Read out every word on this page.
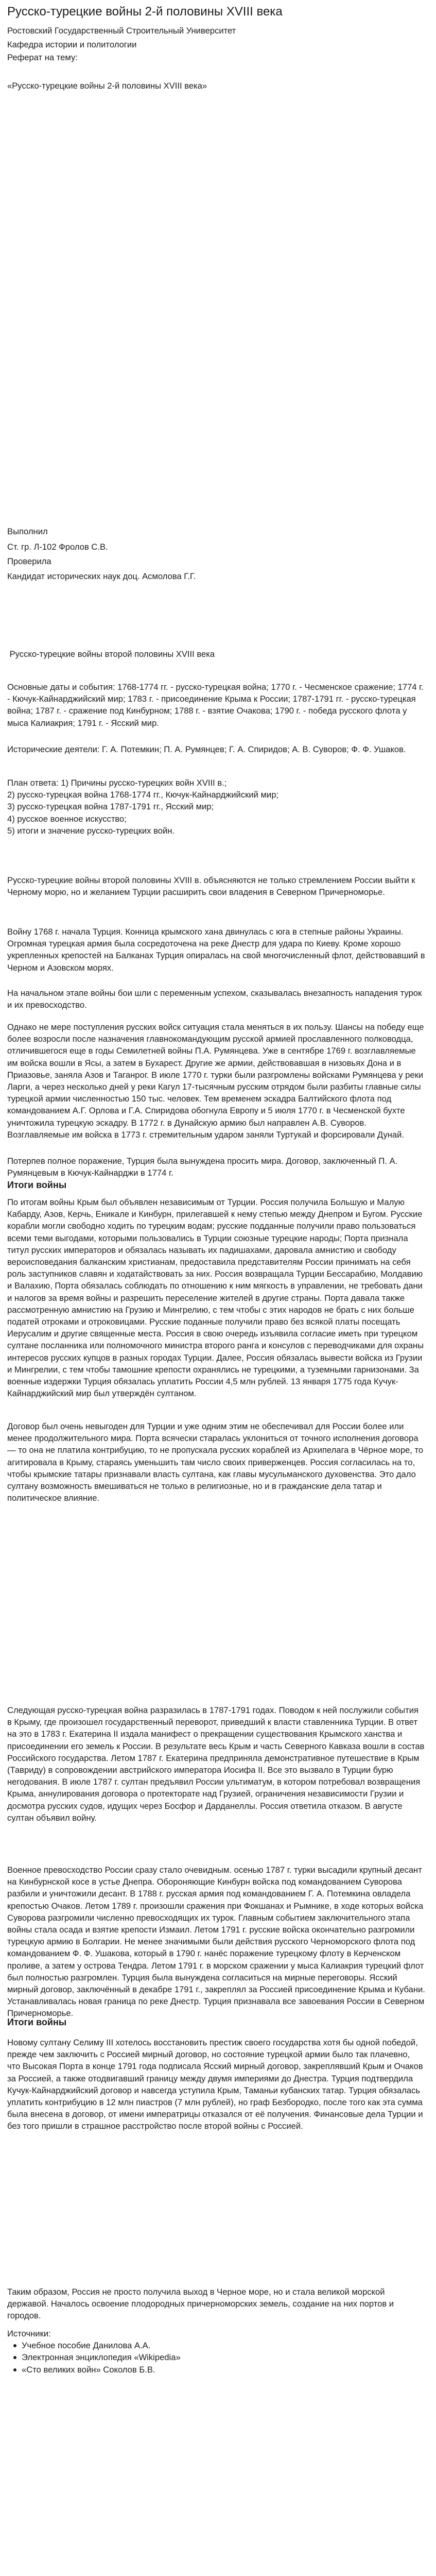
Русско-турецкие войны 2-й половины XVIII века

Ростовский Государственный Строительный Университет

Кафедра истории и политологии

Реферат на тему:

«Русско-турецкие войны 2-й половины XVIII века»

Выполнил

Ст. гр. Л-102 Фролов С.В.

Проверила

Кандидат исторических наук доц. Асмолова Г.Г.

Русско-турецкие войны второй половины XVIII века

Основные даты и события: 1768-1774 гг. - русско-турецкая война; 1770 г. - Чесменское сражение; 1774 г. - Кючук-Кайнарджийский мир; 1783 г. - присоединение Крыма к России; 1787-1791 гг. - русско-турецкая война; 1787 г. - сражение под Кинбурном; 1788 г. - взятие Очакова; 1790 г. - победа русского флота у мыса Калиакрия; 1791 г. - Ясский мир.

Исторические деятели: Г. А. Потемкин; П. А. Румянцев; Г. А. Спиридов; А. В. Суворов; Ф. Ф. Ушаков.

План ответа: 1) Причины русско-турецких войн XVIII в.;
2) русско-турецкая война 1768-1774 гг., Кючук-Кайнарджийский мир;
3) русско-турецкая война 1787-1791 гг., Ясский мир;
4) русское военное искусство;
5) итоги и значение русско-турецких войн.

Русско-турецкие войны второй половины XVIII в. объясняются не только стремлением России выйти к Черному морю, но и желанием Турции расширить свои владения в Северном Причерноморье.

Войну 1768 г. начала Турция. Конница крымского хана двинулась с юга в степные районы Украины. Огромная турецкая армия была сосредоточена на реке Днестр для удара по Киеву. Кроме хорошо укрепленных крепостей на Балканах Турция опиралась на свой многочисленный флот, действовавший в Черном и Азовском морях.

На начальном этапе войны бои шли с переменным успехом, сказывалась внезапность нападения турок и их превосходство.

Однако не мере поступления русских войск ситуация стала меняться в их пользу. Шансы на победу еще более возросли после назначения главнокомандующим русской армией прославленного полководца, отличившегося еще в годы Семилетней войны П.А. Румянцева. Уже в сентябре 1769 г. возглавляемые им войска вошли в Ясы, а затем в Бухарест. Другие же армии, действовавшая в низовьях Дона и в Приазовье, заняла Азов и Таганрог. В июле 1770 г. турки были разгромлены войсками Румянцева у реки Ларги, а через несколько дней у реки Кагул 17-тысячным русским отрядом были разбиты главные силы турецкой армии численностью 150 тыс. человек. Тем временем эскадра Балтийского флота под командованием А.Г. Орлова и Г.А. Спиридова обогнула Европу и 5 июля 1770 г. в Чесменской бухте уничтожила турецкую эскадру. В 1772 г. в Дунайскую армию был направлен А.В. Суворов. Возглавляемые им войска в 1773 г. стремительным ударом заняли Туртукай и форсировали Дунай.

Потерпев полное поражение, Турция была вынуждена просить мира. Договор, заключенный П. А. Румянцевым в Кючук-Кайнарджи в 1774 г.

Итоги войны

По итогам войны Крым был объявлен независимым от Турции. Россия получила Большую и Малую Кабарду, Азов, Керчь, Еникале и Кинбурн, прилегавшей к нему степью между Днепром и Бугом. Русские корабли могли свободно ходить по турецким водам; русские подданные получили право пользоваться всеми теми выгодами, которыми пользовались в Турции союзные турецкие народы; Порта признала титул русских императоров и обязалась называть их падишахами, даровала амнистию и свободу вероисповедания балканским христианам, предоставила представителям России принимать на себя роль заступников славян и ходатайствовать за них. Россия возвращала Турции Бессарабию, Молдавию и Валахию, Порта обязалась соблюдать по отношению к ним мягкость в управлении, не требовать дани и налогов за время войны и разрешить переселение жителей в другие страны. Порта давала также рассмотренную амнистию на Грузию и Мингрелию, с тем чтобы с этих народов не брать с них больше податей отроками и отроковицами. Русские поданные получили право без всякой платы посещать Иерусалим и другие священные места. Россия в свою очередь изъявила согласие иметь при турецком султане посланника или полномочного министра второго ранга и консулов с переводчиками для охраны интересов русских купцов в разных городах Турции. Далее, Россия обязалась вывести войска из Грузии и Мингрелии, с тем чтобы тамошние крепости охранялись не турецкими, а туземными гарнизонами. За военные издержки Турция обязалась уплатить России 4,5 млн рублей. 13 января 1775 года Кучук-Кайнарджийский мир был утверждён султаном.

Договор был очень невыгоден для Турции и уже одним этим не обеспечивал для России более или менее продолжительного мира. Порта всячески старалась уклониться от точного исполнения договора — то она не платила контрибуцию, то не пропускала русских кораблей из Архипелага в Чёрное море, то агитировала в Крыму, стараясь уменьшить там число своих приверженцев. Россия согласилась на то, чтобы крымские татары признавали власть султана, как главы мусульманского духовенства. Это дало султану возможность вмешиваться не только в религиозные, но и в гражданские дела татар и политическое влияние.

Следующая русско-турецкая война разразилась в 1787-1791 годах. Поводом к ней послужили события в Крыму, где произошел государственный переворот, приведший к власти ставленника Турции. В ответ на это в 1783 г. Екатерина II издала манифест о прекращении существования Крымского ханства и присоединении его земель к России. В результате весь Крым и часть Северного Кавказа вошли в состав Российского государства. Летом 1787 г. Екатерина предприняла демонстративное путешествие в Крым (Тавриду) в сопровождении австрийского императора Иосифа II. Все это вызвало в Турции бурю негодования. В июле 1787 г. султан предъявил России ультиматум, в котором потребовал возвращения Крыма, аннулирования договора о протекторате над Грузией, ограничения независимости Грузии и досмотра русских судов, идущих через Босфор и Дарданеллы. Россия ответила отказом. В августе султан объявил войну.

Военное превосходство России сразу стало очевидным. осенью 1787 г. турки высадили крупный десант на Кинбурнской косе в устье Днепра. Обороняющие Кинбурн войска под командованием Суворова разбили и уничтожили десант. В 1788 г. русская армия под командованием Г. А. Потемкина овладела крепостью Очаков. Летом 1789 г. произошли сражения при Фокшанах и Рымнике, в ходе которых войска Суворова разгромили численно превосходящих их турок. Главным событием заключительного этапа войны стала осада и взятие крепости Измаил. Летом 1791 г. русские войска окончательно разгромили турецкую армию в Болгарии. Не менее значимыми были действия русского Черноморского флота под командованием Ф. Ф. Ушакова, который в 1790 г. нанёс поражение турецкому флоту в Керченском проливе, а затем у острова Тендра. Летом 1791 г. в морском сражении у мыса Калиакрия турецкий флот был полностью разгромлен. Турция была вынуждена согласиться на мирные переговоры. Ясский мирный договор, заключённый в декабре 1791 г., закреплял за Россией присоединение Крыма и Кубани. Устанавливалась новая граница по реке Днестр. Турция признавала все завоевания России в Северном Причерноморье.

Итоги войны

Новому султану Селиму III хотелось восстановить престиж своего государства хотя бы одной победой, прежде чем заключить с Россией мирный договор, но состояние турецкой армии было так плачевно, что Высокая Порта в конце 1791 года подписала Ясский мирный договор, закреплявший Крым и Очаков за Россией, а также отодвигавший границу между двумя империями до Днестра. Турция подтвердила Кучук-Кайнарджийский договор и навсегда уступила Крым, Таманьи кубанских татар. Турция обязалась уплатить контрибуцию в 12 млн пиастров (7 млн рублей), но граф Безбородко, после того как эта сумма была внесена в договор, от имени императрицы отказался от её получения. Финансовые дела Турции и без того пришли в страшное расстройство после второй войны с Россией.

Таким образом, Россия не просто получила выход в Черное море, но и стала великой морской державой. Началось освоение плодородных причерноморских земель, создание на них портов и городов.

Источники:
Учебное пособие Данилова А.А.
Электронная энциклопедия «Wikipedia»
«Сто великих войн» Соколов Б.В.
